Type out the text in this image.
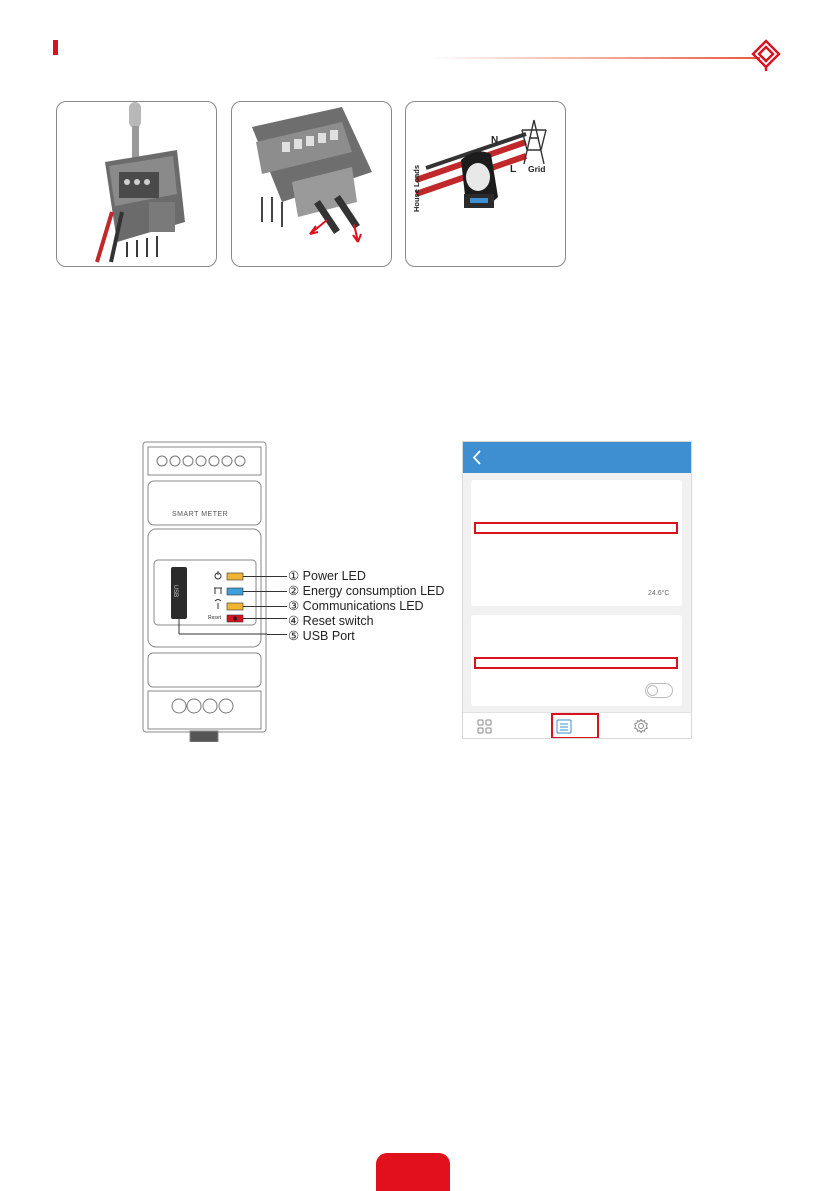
N
L Grid
House Loads
SMART METER
USB
Reset
① Power LED
② Energy consumption LED
③ Communications LED
④ Reset switch
⑤ USB Port
24.6°C
